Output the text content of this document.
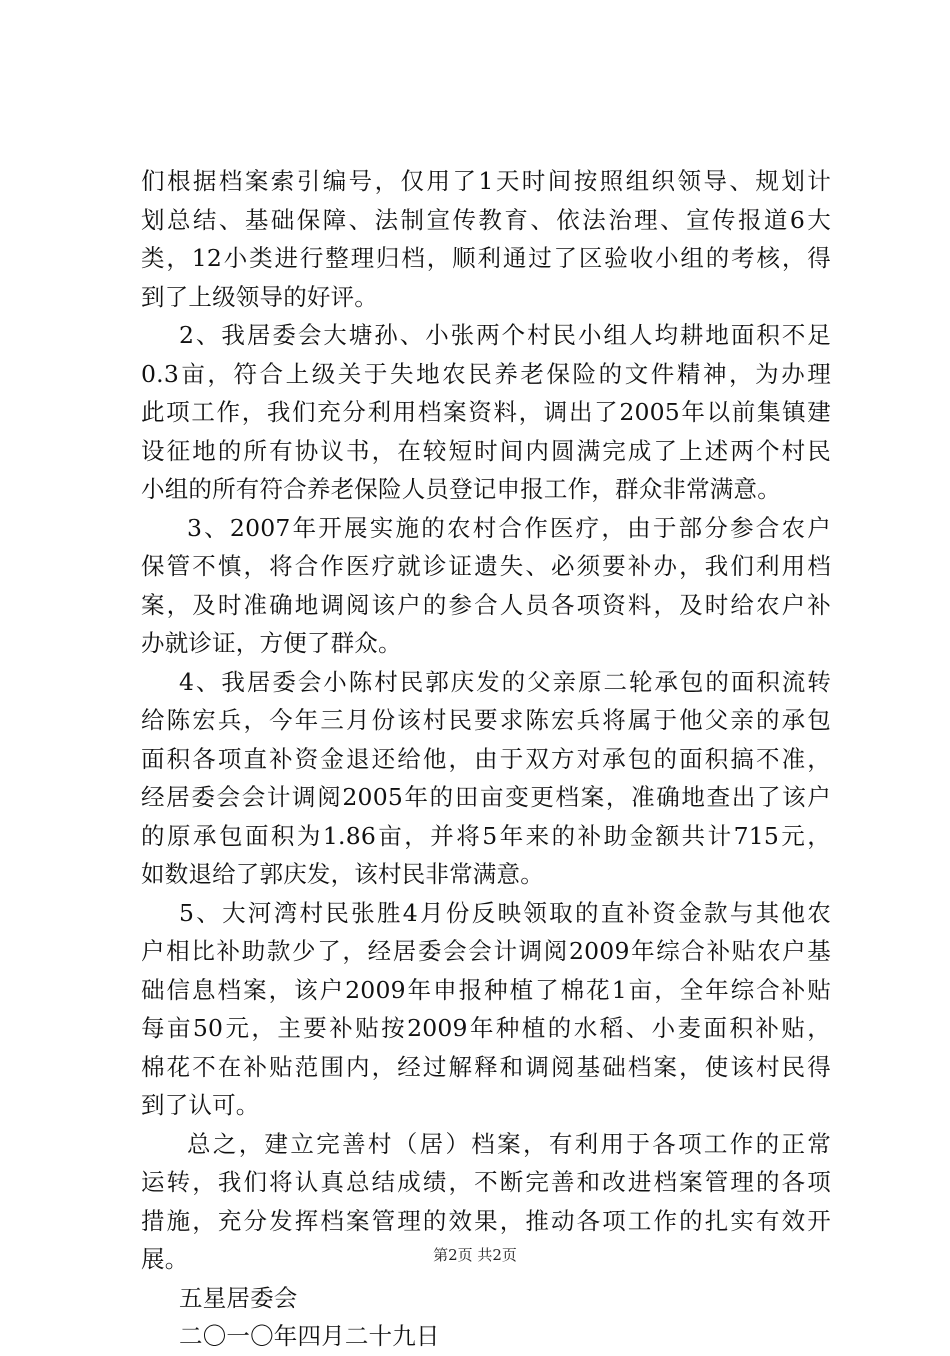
们根据档案索引编号，仅用了1天时间按照组织领导、规划计
划总结、基础保障、法制宣传教育、依法治理、宣传报道6大
类，12小类进行整理归档，顺利通过了区验收小组的考核，得
到了上级领导的好评。
2、我居委会大塘孙、小张两个村民小组人均耕地面积不足
0.3亩，符合上级关于失地农民养老保险的文件精神，为办理
此项工作，我们充分利用档案资料，调出了2005年以前集镇建
设征地的所有协议书，在较短时间内圆满完成了上述两个村民
小组的所有符合养老保险人员登记申报工作，群众非常满意。
3、2007年开展实施的农村合作医疗，由于部分参合农户
保管不慎，将合作医疗就诊证遗失、必须要补办，我们利用档
案，及时准确地调阅该户的参合人员各项资料，及时给农户补
办就诊证，方便了群众。
4、我居委会小陈村民郭庆发的父亲原二轮承包的面积流转
给陈宏兵，今年三月份该村民要求陈宏兵将属于他父亲的承包
面积各项直补资金退还给他，由于双方对承包的面积搞不准，
经居委会会计调阅2005年的田亩变更档案，准确地查出了该户
的原承包面积为1.86亩，并将5年来的补助金额共计715元，
如数退给了郭庆发，该村民非常满意。
5、大河湾村民张胜4月份反映领取的直补资金款与其他农
户相比补助款少了，经居委会会计调阅2009年综合补贴农户基
础信息档案，该户2009年申报种植了棉花1亩，全年综合补贴
每亩50元，主要补贴按2009年种植的水稻、小麦面积补贴，
棉花不在补贴范围内，经过解释和调阅基础档案，使该村民得
到了认可。
总之，建立完善村（居）档案，有利用于各项工作的正常
运转，我们将认真总结成绩，不断完善和改进档案管理的各项
措施，充分发挥档案管理的效果，推动各项工作的扎实有效开
展。
五星居委会
二〇一〇年四月二十九日
第2页 共2页
